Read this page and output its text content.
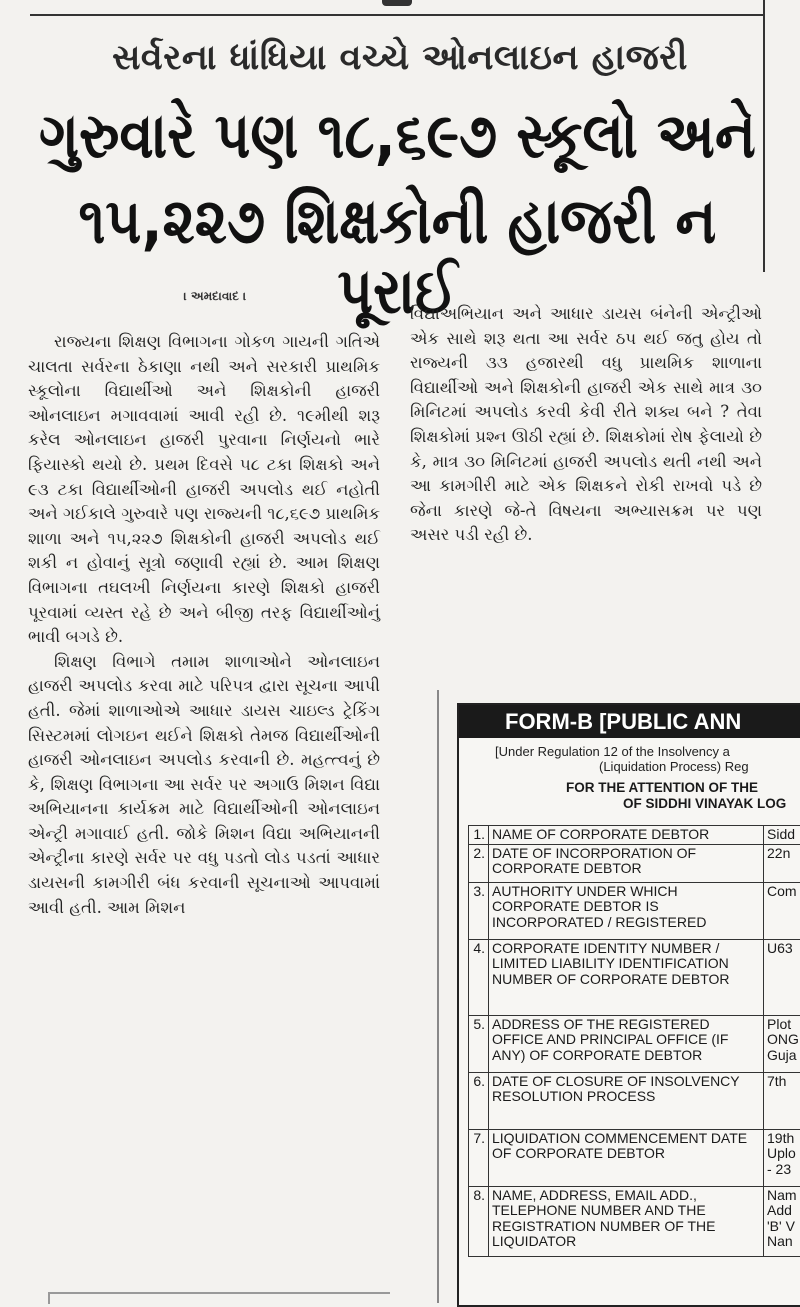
સર્વરના ધાંધિયા વચ્ચે ઓનલાઇન હાજરી
ગુરુવારે પણ ૧૮,૬૯૭ સ્કૂલો અને
૧૫,૨૨૭ શિક્ષકોની હાજરી ન પૂરાઈ
। અમદાવાદ ।

રાજ્યના શિક્ષણ વિભાગના ગોકળ ગાયની ગતિએ ચાલતા સર્વરના ઠેકાણા નથી અને સરકારી પ્રાથમિક સ્કૂલોના વિદ્યાર્થીઓ અને શિક્ષકોની હાજરી ઓનલાઇન મગાવવામાં આવી રહી છે. ૧૯મીથી શરૂ કરેલ ઓનલાઇન હાજરી પુરવાના નિર્ણયનો ભારે ફિયાસ્કો થયો છે. પ્રથમ દિવસે ૫૮ ટકા શિક્ષકો અને ૯૩ ટકા વિદ્યાર્થીઓની હાજરી અપલોડ થઈ નહોતી અને ગઈકાલે ગુરુવારે પણ રાજ્યની ૧૮,૬૯૭ પ્રાથમિક શાળા અને ૧૫,૨૨૭ શિક્ષકોની હાજરી અપલોડ થઈ શકી ન હોવાનું સૂત્રો જણાવી રહ્યાં છે. આમ શિક્ષણ વિભાગના તઘલખી નિર્ણયના કારણે શિક્ષકો હાજરી પૂરવામાં વ્યસ્ત રહે છે અને બીજી તરફ વિદ્યાર્થીઓનું ભાવી બગડે છે.

શિક્ષણ વિભાગે તમામ શાળાઓને ઓનલાઇન હાજરી અપલોડ કરવા માટે પરિપત્ર દ્વારા સૂચના આપી હતી. જેમાં શાળાઓએ આધાર ડાયસ ચાઇલ્ડ ટ્રેકિંગ સિસ્ટમમાં લોગઇન થઈને શિક્ષકો તેમજ વિદ્યાર્થીઓની હાજરી ઓનલાઇન અપલોડ કરવાની છે. મહત્ત્વનું છે કે, શિક્ષણ વિભાગના આ સર્વર પર અગાઉ મિશન વિદ્યા અભિયાનના કાર્યક્રમ માટે વિદ્યાર્થીઓની ઓનલાઇન એન્ટ્રી મગાવાઈ હતી. જોકે મિશન વિદ્યા અભિયાનની એન્ટ્રીના કારણે સર્વર પર વધુ પડતો લોડ પડતાં આધાર ડાયસની કામગીરી બંધ કરવાની સૂચનાઓ આપવામાં આવી હતી. આમ મિશન

વિદ્યાઅભિયાન અને આધાર ડાયસ બંનેની એન્ટ્રીઓ એક સાથે શરૂ થતા આ સર્વર ઠપ થઈ જતુ હોય તો રાજ્યની ૩૩ હજારથી વધુ પ્રાથમિક શાળાના વિદ્યાર્થીઓ અને શિક્ષકોની હાજરી એક સાથે માત્ર ૩૦ મિનિટમાં અપલોડ કરવી કેવી રીતે શક્ય બને ? તેવા શિક્ષકોમાં પ્રશ્ન ઊઠી રહ્યાં છે. શિક્ષકોમાં રોષ ફેલાયો છે કે, માત્ર ૩૦ મિનિટમાં હાજરી અપલોડ થતી નથી અને આ કામગીરી માટે એક શિક્ષકને રોકી રાખવો પડે છે જેના કારણે જે-તે વિષયના અભ્યાસક્રમ પર પણ અસર પડી રહી છે.

FORM-B [PUBLIC ANN
[Under Regulation 12 of the Insolvency a
(Liquidation Process) Reg
FOR THE ATTENTION OF THE
OF SIDDHI VINAYAK LOG
1.	NAME OF CORPORATE DEBTOR	Sidd
2.	DATE OF INCORPORATION OF CORPORATE DEBTOR	22n
3.	AUTHORITY UNDER WHICH CORPORATE DEBTOR IS INCORPORATED / REGISTERED	Com
4.	CORPORATE IDENTITY NUMBER / LIMITED LIABILITY IDENTIFICATION NUMBER OF CORPORATE DEBTOR	U63
5.	ADDRESS OF THE REGISTERED OFFICE AND PRINCIPAL OFFICE (IF ANY) OF CORPORATE DEBTOR	Plot
ONG
Guja
6.	DATE OF CLOSURE OF INSOLVENCY RESOLUTION PROCESS	7th
7.	LIQUIDATION COMMENCEMENT DATE OF CORPORATE DEBTOR	19th
Uplo
- 23
8.	NAME, ADDRESS, EMAIL ADD., TELEPHONE NUMBER AND THE REGISTRATION NUMBER OF THE LIQUIDATOR	Nam
Add
'B' V
Nan
